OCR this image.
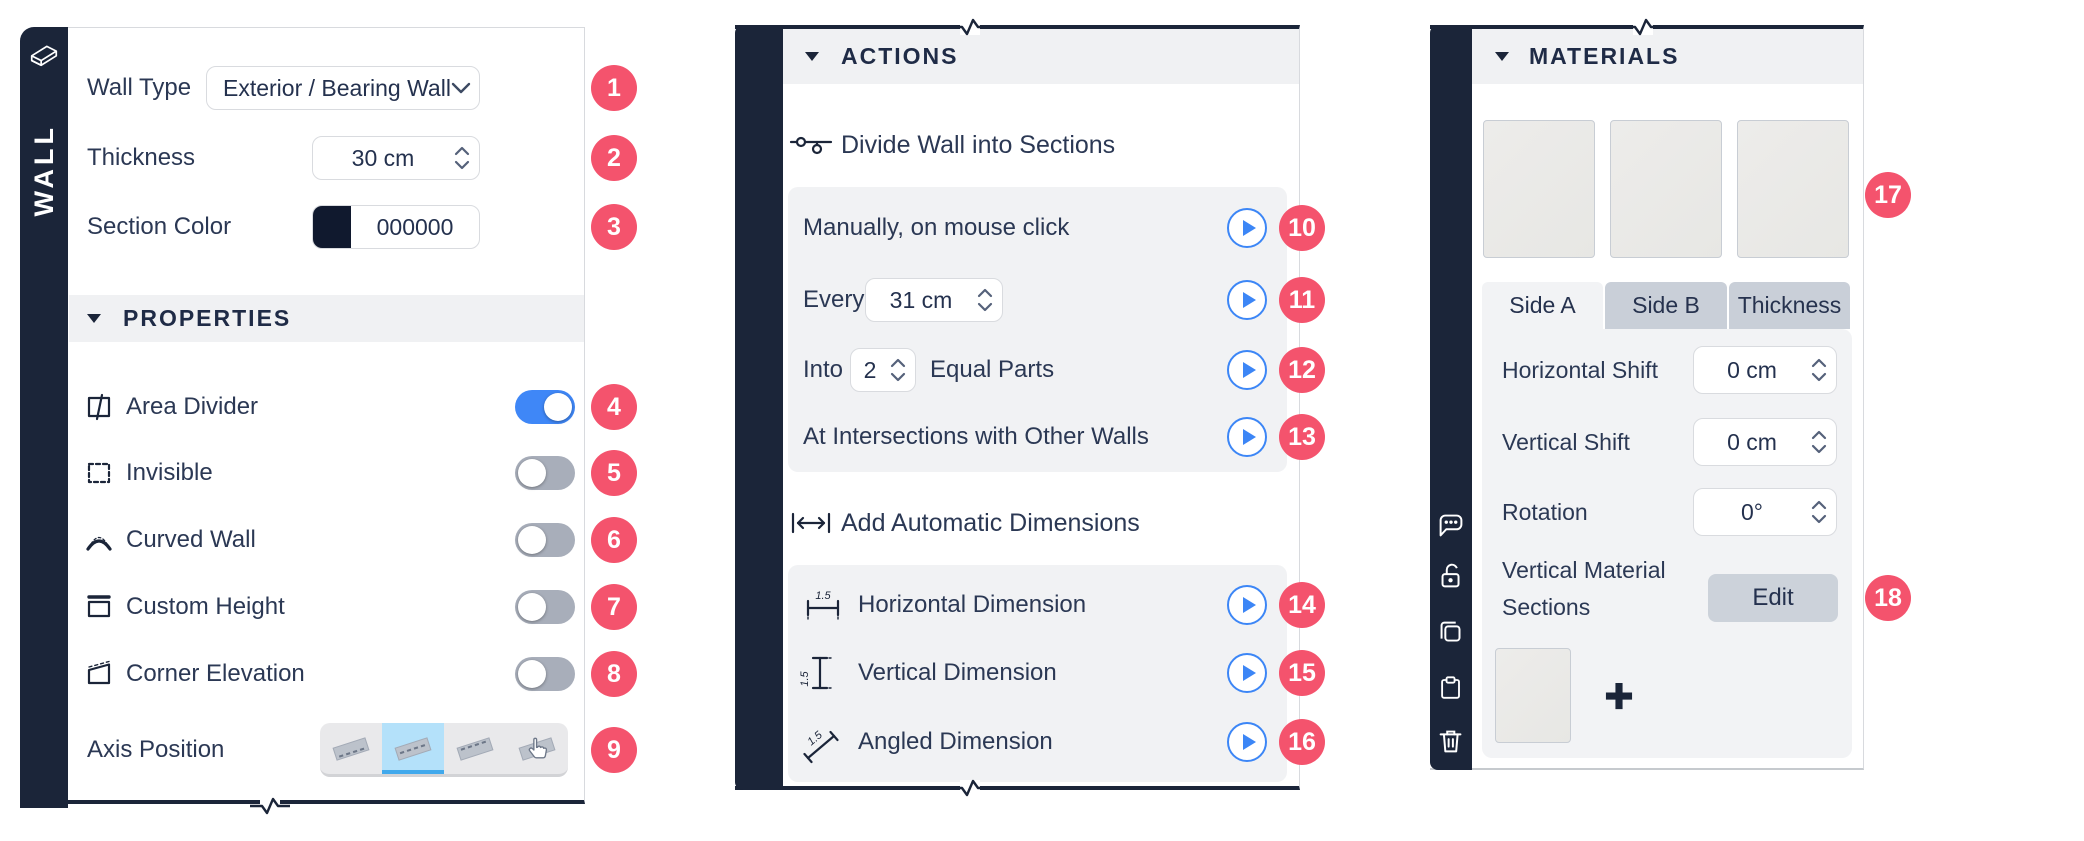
WALL
PROPERTIES
ACTIONS	MATERIALS
Wall Type Exterior / Bearing Wall	1
Thickness	30 cm	2
Section Color	000000	3
Area Divider	4
Invisible	5
Curved Wall	6
Custom Height	7
Corner Elevation	8
Axis Position	9
Divide Wall into Sections
Manually, on mouse click	10
Every	31 cm	11
Into 2	Equal Parts	12
At Intersections with Other Walls	13
Add Automatic Dimensions
1.5 Horizontal Dimension	14
1.5 Vertical Dimension	15
1.5 Angled Dimension	16
17
Side A	Side B	Thickness
Horizontal Shift	0 cm
Vertical Shift	0 cm
Rotation	0°
Vertical Material Sections	Edit	18
